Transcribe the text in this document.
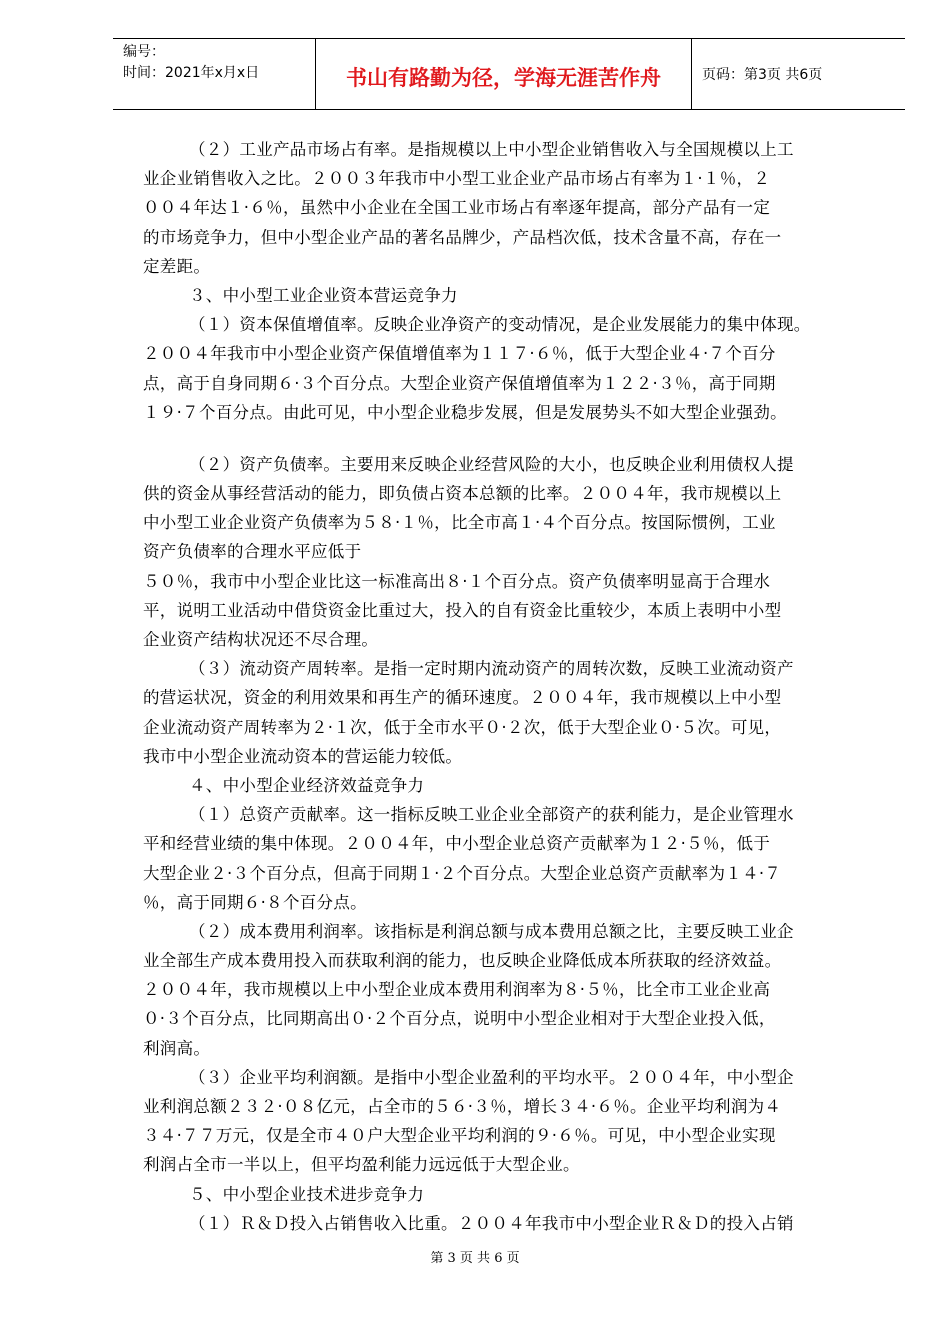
编号：
时间：2021年x月x日	书山有路勤为径，学海无涯苦作舟	页码：第3页 共6页
（２）工业产品市场占有率。是指规模以上中小型企业销售收入与全国规模以上工
业企业销售收入之比。２００３年我市中小型工业企业产品市场占有率为１·１％，２
００４年达１·６％，虽然中小企业在全国工业市场占有率逐年提高，部分产品有一定
的市场竞争力，但中小型企业产品的著名品牌少，产品档次低，技术含量不高，存在一
定差距。
３、中小型工业企业资本营运竞争力
（１）资本保值增值率。反映企业净资产的变动情况，是企业发展能力的集中体现。
２００４年我市中小型企业资产保值增值率为１１７·６％，低于大型企业４·７个百分
点，高于自身同期６·３个百分点。大型企业资产保值增值率为１２２·３％，高于同期
１９·７个百分点。由此可见，中小型企业稳步发展，但是发展势头不如大型企业强劲。
（２）资产负债率。主要用来反映企业经营风险的大小，也反映企业利用债权人提
供的资金从事经营活动的能力，即负债占资本总额的比率。２００４年，我市规模以上
中小型工业企业资产负债率为５８·１％，比全市高１·４个百分点。按国际惯例，工业
资产负债率的合理水平应低于
５０％，我市中小型企业比这一标准高出８·１个百分点。资产负债率明显高于合理水
平，说明工业活动中借贷资金比重过大，投入的自有资金比重较少，本质上表明中小型
企业资产结构状况还不尽合理。
（３）流动资产周转率。是指一定时期内流动资产的周转次数，反映工业流动资产
的营运状况，资金的利用效果和再生产的循环速度。２００４年，我市规模以上中小型
企业流动资产周转率为２·１次，低于全市水平０·２次，低于大型企业０·５次。可见，
我市中小型企业流动资本的营运能力较低。
４、中小型企业经济效益竞争力
（１）总资产贡献率。这一指标反映工业企业全部资产的获利能力，是企业管理水
平和经营业绩的集中体现。２００４年，中小型企业总资产贡献率为１２·５％，低于
大型企业２·３个百分点，但高于同期１·２个百分点。大型企业总资产贡献率为１４·７
％，高于同期６·８个百分点。
（２）成本费用利润率。该指标是利润总额与成本费用总额之比，主要反映工业企
业全部生产成本费用投入而获取利润的能力，也反映企业降低成本所获取的经济效益。
２００４年，我市规模以上中小型企业成本费用利润率为８·５％，比全市工业企业高
０·３个百分点，比同期高出０·２个百分点，说明中小型企业相对于大型企业投入低，
利润高。
（３）企业平均利润额。是指中小型企业盈利的平均水平。２００４年，中小型企
业利润总额２３２·０８亿元，占全市的５６·３％，增长３４·６％。企业平均利润为４
３４·７７万元，仅是全市４０户大型企业平均利润的９·６％。可见，中小型企业实现
利润占全市一半以上，但平均盈利能力远远低于大型企业。
５、中小型企业技术进步竞争力
（１）Ｒ＆Ｄ投入占销售收入比重。２００４年我市中小型企业Ｒ＆Ｄ的投入占销
第 3 页 共 6 页
